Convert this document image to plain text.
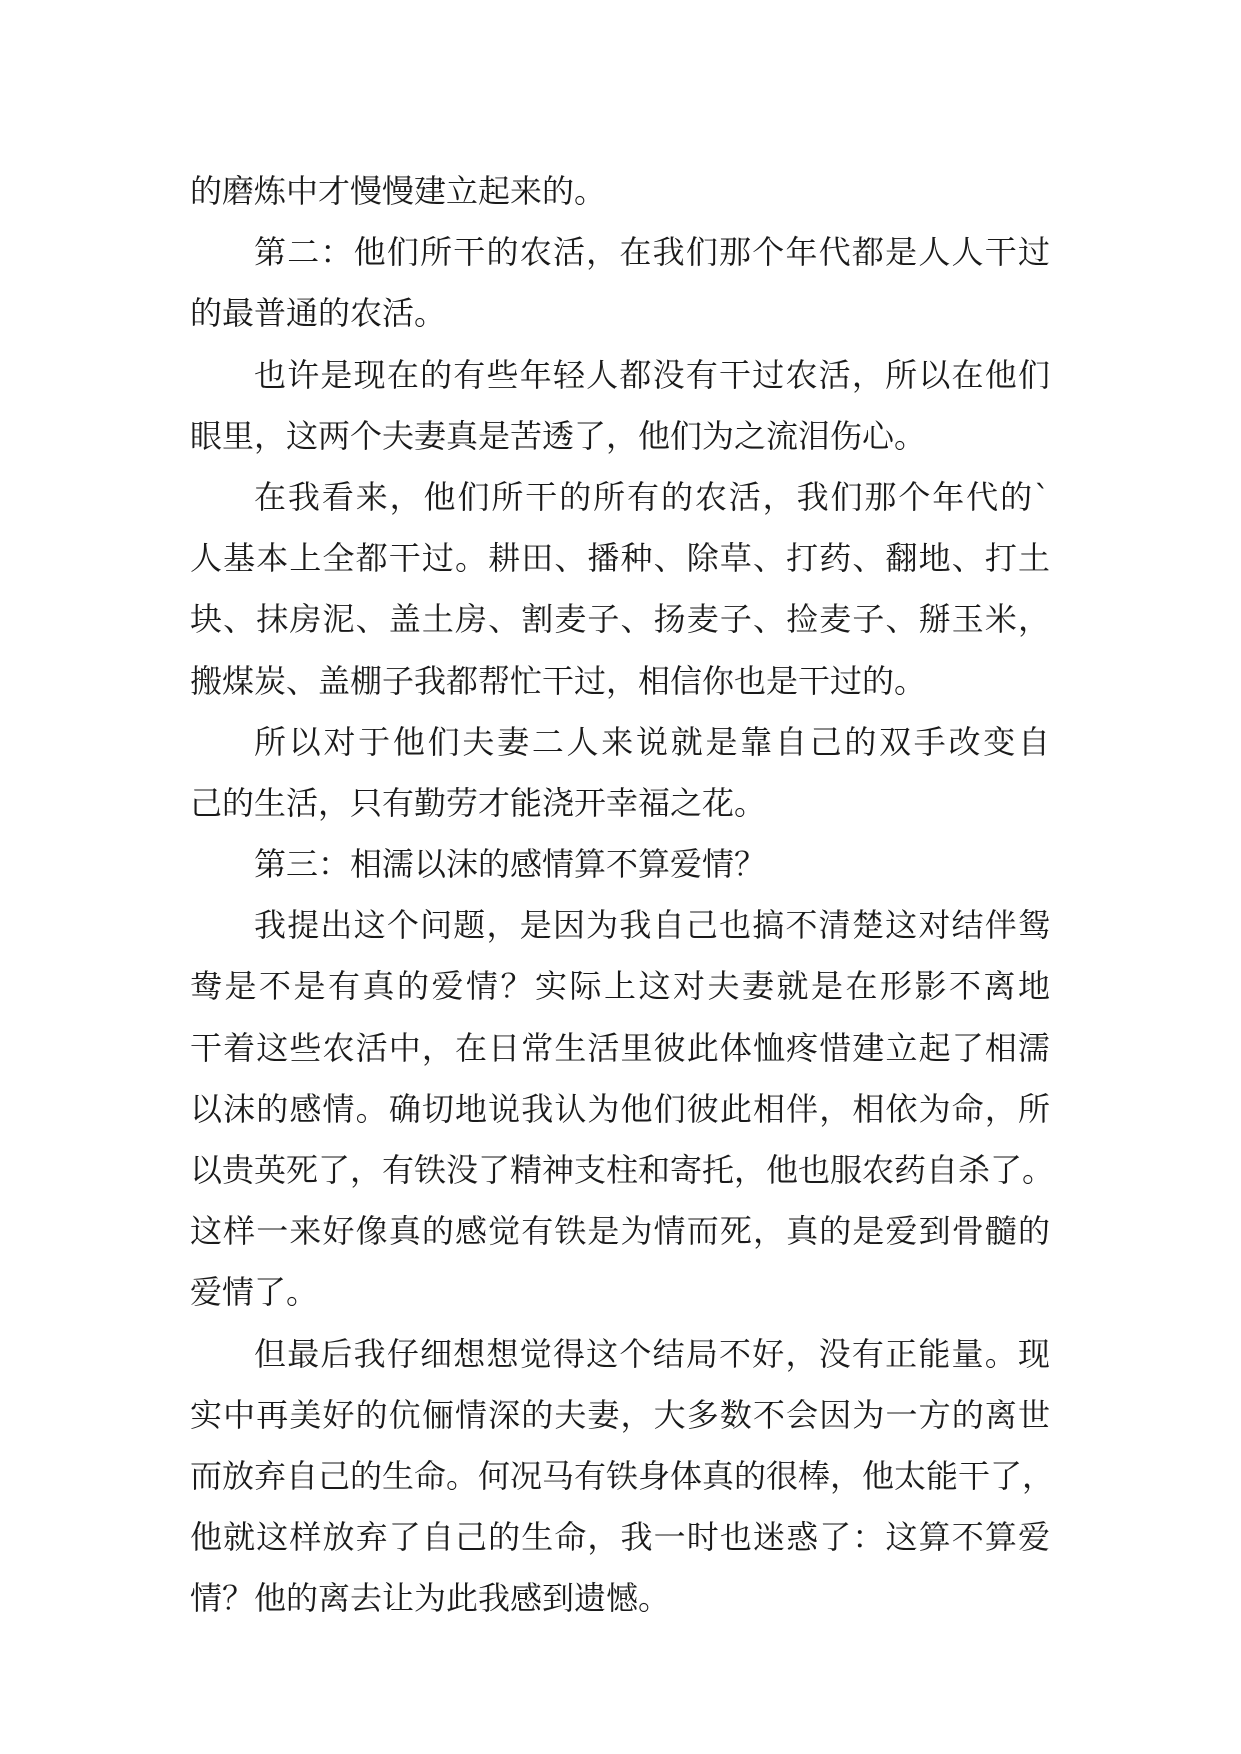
的磨炼中才慢慢建立起来的。
第二：他们所干的农活，在我们那个年代都是人人干过
的最普通的农活。
也许是现在的有些年轻人都没有干过农活，所以在他们
眼里，这两个夫妻真是苦透了，他们为之流泪伤心。
在我看来，他们所干的所有的农活，我们那个年代的`
人基本上全都干过。耕田、播种、除草、打药、翻地、打土
块、抹房泥、盖土房、割麦子、扬麦子、捡麦子、掰玉米，
搬煤炭、盖棚子我都帮忙干过，相信你也是干过的。
所以对于他们夫妻二人来说就是靠自己的双手改变自
己的生活，只有勤劳才能浇开幸福之花。
第三：相濡以沫的感情算不算爱情？
我提出这个问题，是因为我自己也搞不清楚这对结伴鸳
鸯是不是有真的爱情？实际上这对夫妻就是在形影不离地
干着这些农活中，在日常生活里彼此体恤疼惜建立起了相濡
以沫的感情。确切地说我认为他们彼此相伴，相依为命，所
以贵英死了，有铁没了精神支柱和寄托，他也服农药自杀了。
这样一来好像真的感觉有铁是为情而死，真的是爱到骨髓的
爱情了。
但最后我仔细想想觉得这个结局不好，没有正能量。现
实中再美好的伉俪情深的夫妻，大多数不会因为一方的离世
而放弃自己的生命。何况马有铁身体真的很棒，他太能干了，
他就这样放弃了自己的生命，我一时也迷惑了：这算不算爱
情？他的离去让为此我感到遗憾。
